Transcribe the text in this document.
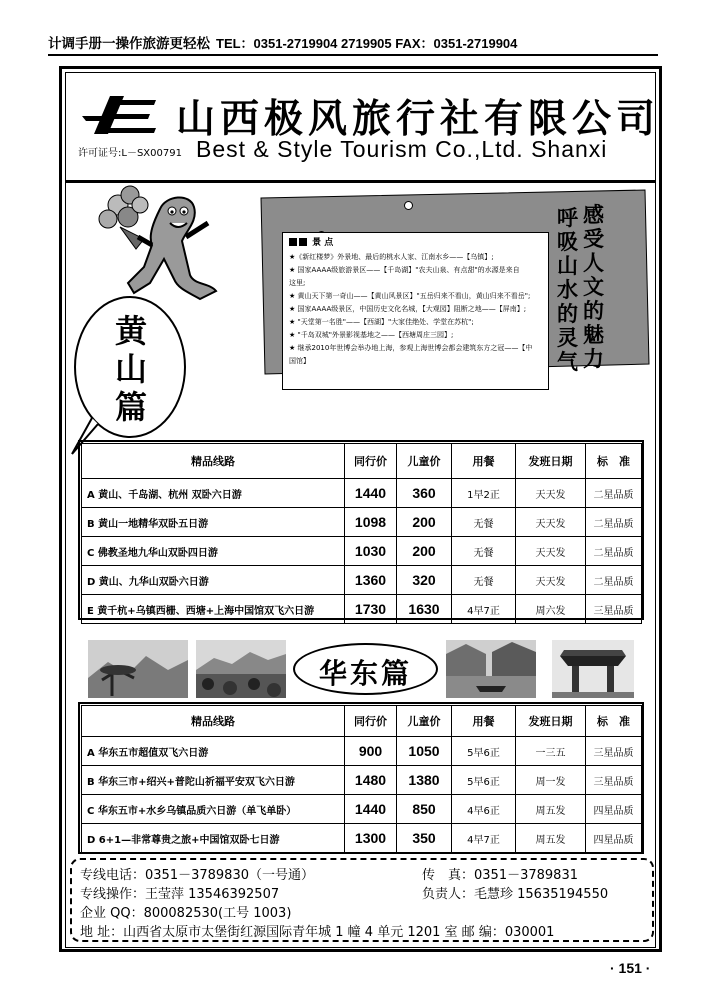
计调手册一操作旅游更轻松 TEL：0351-2719904 2719905 FAX：0351-2719904
山西极风旅行社有限公司
许可证号:L－SX00791 Best & Style Tourism Co.,Ltd. Shanxi
景 点

★《新红楼梦》外景地、最后的桃水人家、江南水乡——【乌镇】;

★ 国家AAAA级旅游景区——【千岛湖】"农夫山泉、有点甜"的水源是来自

这里;

★ 黄山天下第一奇山——【黄山风景区】"五岳归来不看山，黄山归来不看岳";

★ 国家AAAA级景区，中国历史文化名城，【大观园】阻断之地——【屏南】;

★ "天堂第一名胜"——【西湖】"大家佳绝处、学堂在苏杭";

★ "千岛双城"外景影视基地之——【西塘周庄三园】;

★ 继承2010年世博会举办地上海，参观上海世博会都会建筑东方之冠——【中

国馆】

感
受
人
文
的
魅
力
呼
吸
山
水
的
灵
气
黄
山
篇
精品线路	同行价	儿童价	用餐	发班日期	标　准
A 黄山、千岛湖、杭州 双卧六日游	1440	360	1早2正	天天发	二星品质
B 黄山一地精华双卧五日游	1098	200	无餐	天天发	二星品质
C 佛教圣地九华山双卧四日游	1030	200	无餐	天天发	二星品质
D 黄山、九华山双卧六日游	1360	320	无餐	天天发	二星品质
E 黄千杭+乌镇西栅、西塘+上海中国馆双飞六日游	1730	1630	4早7正	周六发	三星品质
华东篇
精品线路	同行价	儿童价	用餐	发班日期	标　准
A 华东五市超值双飞六日游	900	1050	5早6正	一三五	三星品质
B 华东三市+绍兴+普陀山祈福平安双飞六日游	1480	1380	5早6正	周一发	三星品质
C 华东五市+水乡乌镇品质六日游（单飞单卧）	1440	850	4早6正	周五发	四星品质
D 6+1—非常尊贵之旅+中国馆双卧七日游	1300	350	4早7正	周五发	四星品质
专线电话：0351－3789830（一号通）	传　真：0351－3789831
专线操作：王莹萍 13546392507	负责人：毛慧珍 15635194550
企业 QQ：800082530(工号 1003)
地 址：山西省太原市太堡街红源国际青年城 1 幢 4 单元 1201 室 邮 编：030001
· 151 ·
